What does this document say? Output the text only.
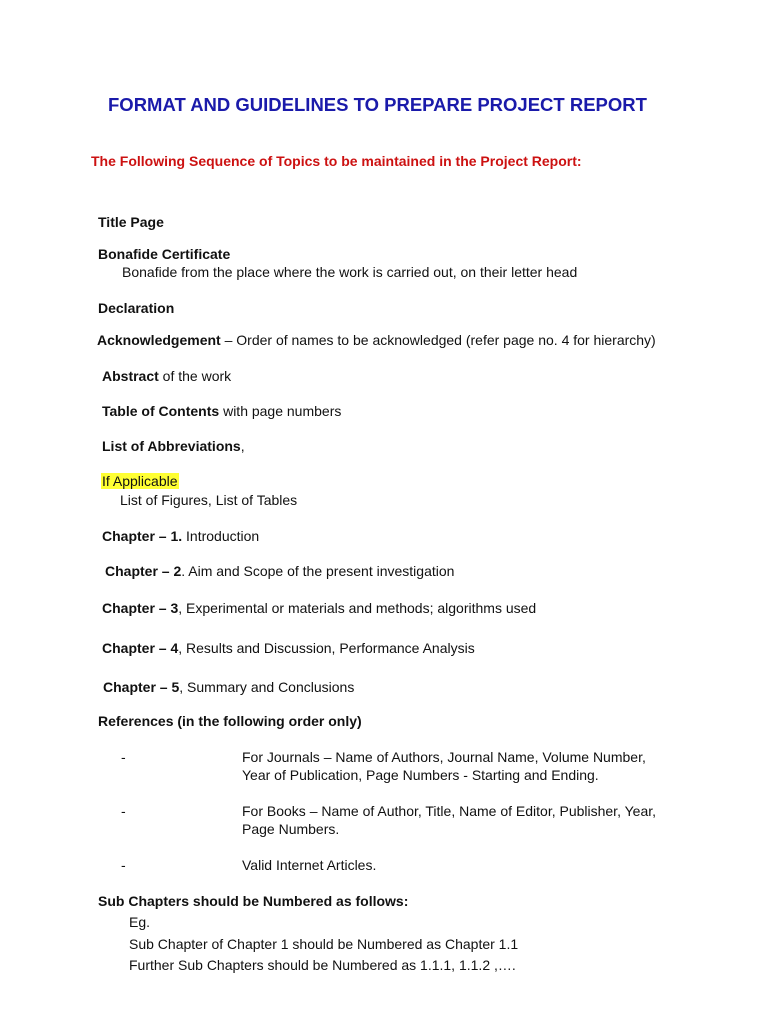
FORMAT AND GUIDELINES TO PREPARE PROJECT REPORT
The Following Sequence of Topics to be maintained in the Project Report:
Title Page
Bonafide Certificate
Bonafide from the place where the work is carried out, on their letter head
Declaration
Acknowledgement – Order of names to be acknowledged (refer page no. 4 for hierarchy)
Abstract of the work
Table of Contents with page numbers
List of Abbreviations,
If Applicable
List of Figures, List of Tables
Chapter – 1. Introduction
Chapter – 2. Aim and Scope of the present investigation
Chapter – 3, Experimental or materials and methods; algorithms used
Chapter – 4, Results and Discussion, Performance Analysis
Chapter – 5, Summary and Conclusions
References (in the following order only)
-	For Journals – Name of Authors, Journal Name, Volume Number,
Year of Publication, Page Numbers - Starting and Ending.
-	For Books – Name of Author, Title, Name of Editor, Publisher, Year,
Page Numbers.
-	Valid Internet Articles.
Sub Chapters should be Numbered as follows:
Eg.
Sub Chapter of Chapter 1 should be Numbered as Chapter 1.1
Further Sub Chapters should be Numbered as 1.1.1, 1.1.2 ,….
